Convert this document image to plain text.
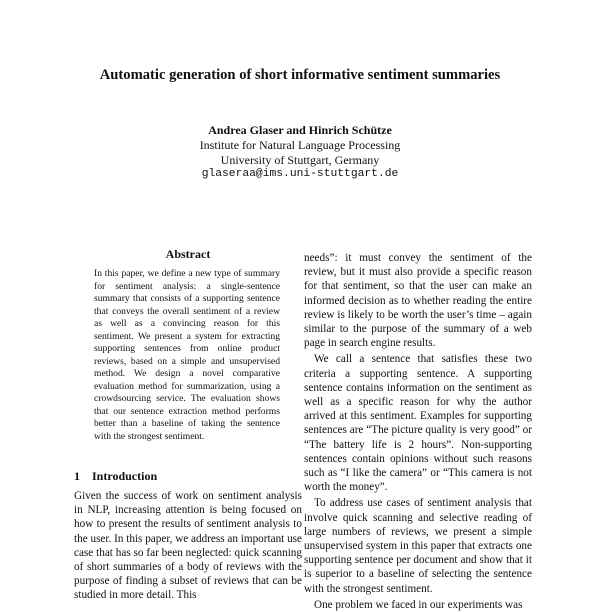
Automatic generation of short informative sentiment summaries
Andrea Glaser and Hinrich Schütze
Institute for Natural Language Processing
University of Stuttgart, Germany
glaseraa@ims.uni-stuttgart.de
Abstract

In this paper, we define a new type of summary for sentiment analysis: a single-sentence summary that consists of a supporting sentence that conveys the overall sentiment of a review as well as a convincing reason for this sentiment. We present a system for extracting supporting sentences from online product reviews, based on a simple and unsupervised method. We design a novel comparative evaluation method for summarization, using a crowdsourcing service. The evaluation shows that our sentence extraction method performs better than a baseline of taking the sentence with the strongest sentiment.

1 Introduction

Given the success of work on sentiment analysis in NLP, increasing attention is being focused on how to present the results of sentiment analysis to the user. In this paper, we address an important use case that has so far been neglected: quick scanning of short summaries of a body of reviews with the purpose of finding a subset of reviews that can be studied in more detail. This

needs”: it must convey the sentiment of the review, but it must also provide a specific reason for that sentiment, so that the user can make an informed decision as to whether reading the entire review is likely to be worth the user’s time – again similar to the purpose of the summary of a web page in search engine results.

We call a sentence that satisfies these two criteria a supporting sentence. A supporting sentence contains information on the sentiment as well as a specific reason for why the author arrived at this sentiment. Examples for supporting sentences are “The picture quality is very good” or “The battery life is 2 hours”. Non-supporting sentences contain opinions without such reasons such as “I like the camera” or “This camera is not worth the money”.

To address use cases of sentiment analysis that involve quick scanning and selective reading of large numbers of reviews, we present a simple unsupervised system in this paper that extracts one supporting sentence per document and show that it is superior to a baseline of selecting the sentence with the strongest sentiment.

One problem we faced in our experiments was
